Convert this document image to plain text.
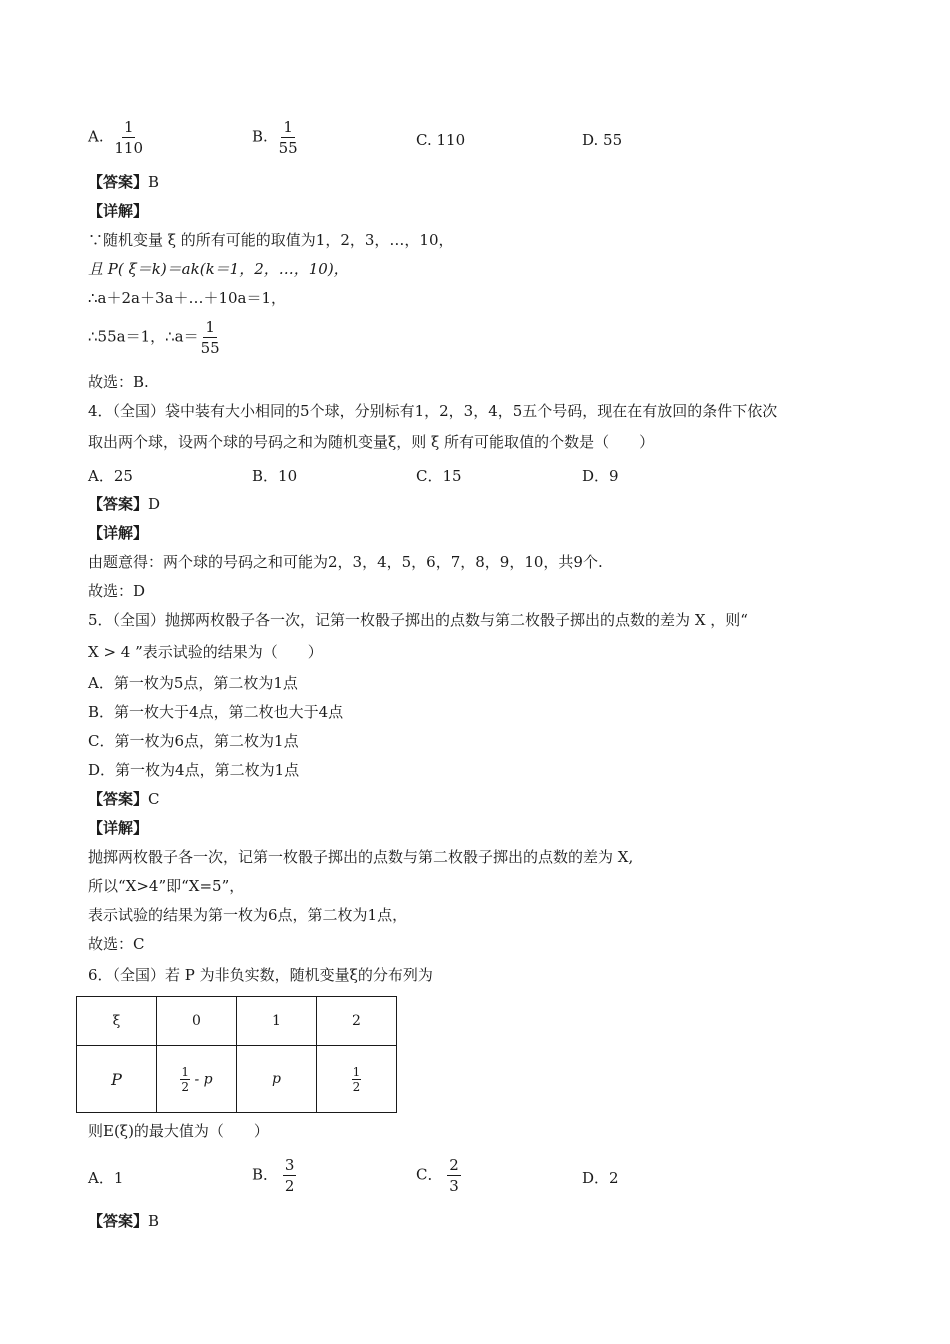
A. $\frac{1}{110}$	B. $\frac{1}{55}$	C. 110	D. 55
【答案】B
【详解】
∵随机变量 ξ 的所有可能的取值为1，2，3，…，10，
且 P( ξ＝k)＝ak(k＝1，2，…，10)，
∴a＋2a＋3a＋…＋10a＝1，
∴55a＝1，∴a＝ $\frac{1}{55}$
故选：B.
4．（全国）袋中装有大小相同的5个球，分别标有1，2，3，4，5五个号码，现在在有放回的条件下依次
取出两个球，设两个球的号码之和为随机变量ξ，则 ξ 所有可能取值的个数是（　　）
A．25	B．10	C．15	D．9
【答案】D
【详解】
由题意得：两个球的号码之和可能为2，3，4，5，6，7，8，9，10，共9个.
故选：D
5．（全国）抛掷两枚骰子各一次，记第一枚骰子掷出的点数与第二枚骰子掷出的点数的差为 X ，则“
X > 4 ”表示试验的结果为（　　）
A．第一枚为5点，第二枚为1点
B．第一枚大于4点，第二枚也大于4点
C．第一枚为6点，第二枚为1点
D．第一枚为4点，第二枚为1点
【答案】C
【详解】
抛掷两枚骰子各一次，记第一枚骰子掷出的点数与第二枚骰子掷出的点数的差为 X,
所以“X>4”即“X=5”，
表示试验的结果为第一枚为6点，第二枚为1点，
故选：C
6．（全国）若 P 为非负实数，随机变量ξ的分布列为
ξ	0	1	2
P	$\frac{1}{2}$ - p	p	$\frac{1}{2}$
则E(ξ)的最大值为（　　）
A．1	B． $\frac{3}{2}$	C． $\frac{2}{3}$	D．2
【答案】B
